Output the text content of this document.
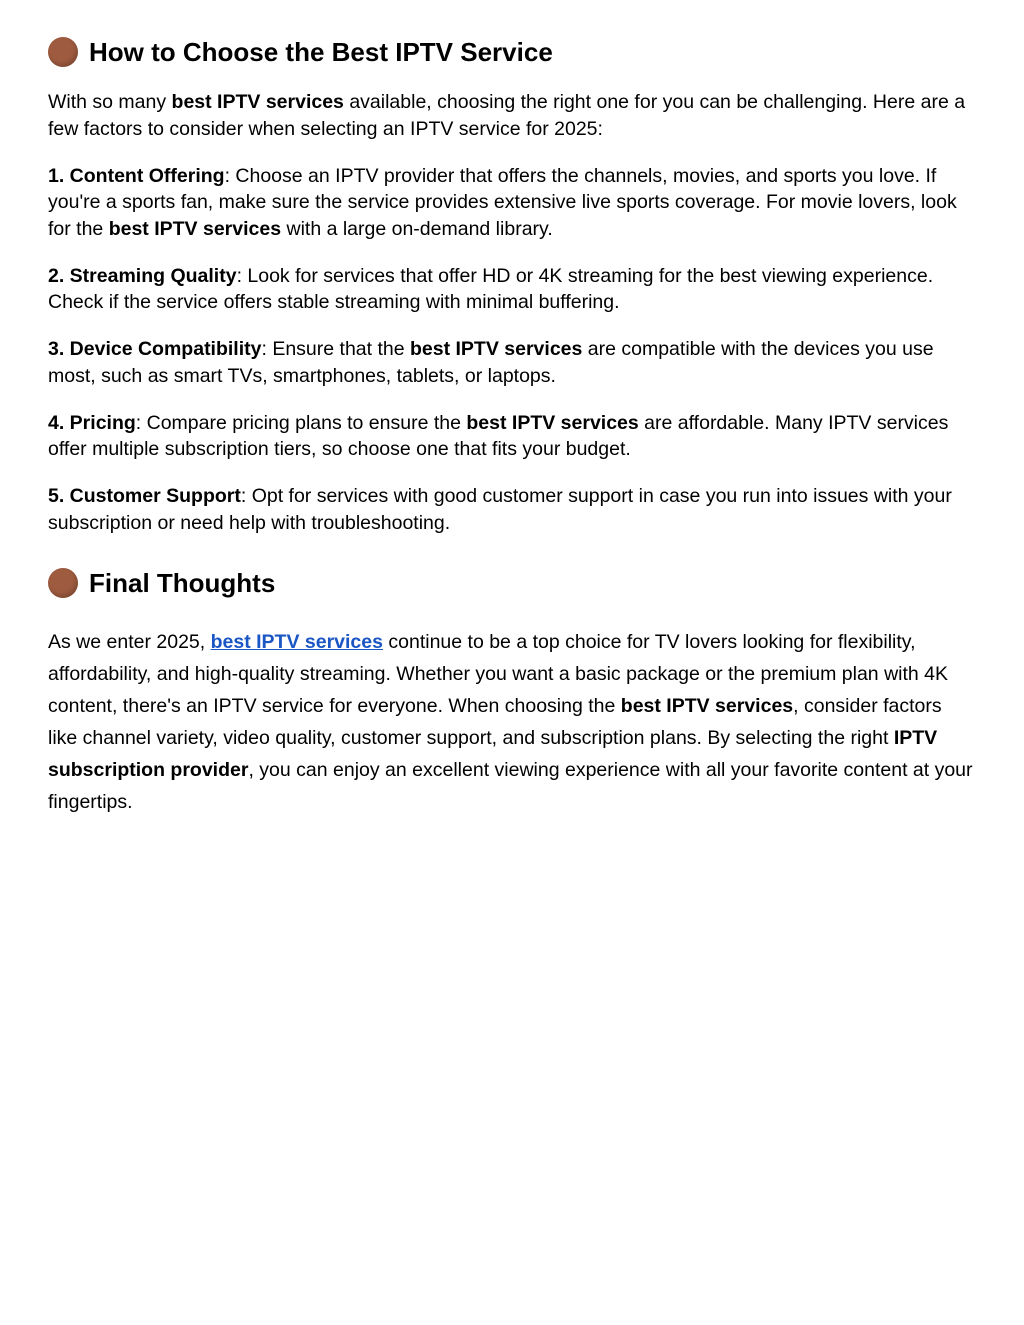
How to Choose the Best IPTV Service

With so many best IPTV services available, choosing the right one for you can be challenging. Here are a few factors to consider when selecting an IPTV service for 2025:

1. Content Offering: Choose an IPTV provider that offers the channels, movies, and sports you love. If you're a sports fan, make sure the service provides extensive live sports coverage. For movie lovers, look for the best IPTV services with a large on-demand library.

2. Streaming Quality: Look for services that offer HD or 4K streaming for the best viewing experience. Check if the service offers stable streaming with minimal buffering.

3. Device Compatibility: Ensure that the best IPTV services are compatible with the devices you use most, such as smart TVs, smartphones, tablets, or laptops.

4. Pricing: Compare pricing plans to ensure the best IPTV services are affordable. Many IPTV services offer multiple subscription tiers, so choose one that fits your budget.

5. Customer Support: Opt for services with good customer support in case you run into issues with your subscription or need help with troubleshooting.

Final Thoughts

As we enter 2025, best IPTV services continue to be a top choice for TV lovers looking for flexibility, affordability, and high-quality streaming. Whether you want a basic package or the premium plan with 4K content, there's an IPTV service for everyone. When choosing the best IPTV services, consider factors like channel variety, video quality, customer support, and subscription plans. By selecting the right IPTV subscription provider, you can enjoy an excellent viewing experience with all your favorite content at your fingertips.
